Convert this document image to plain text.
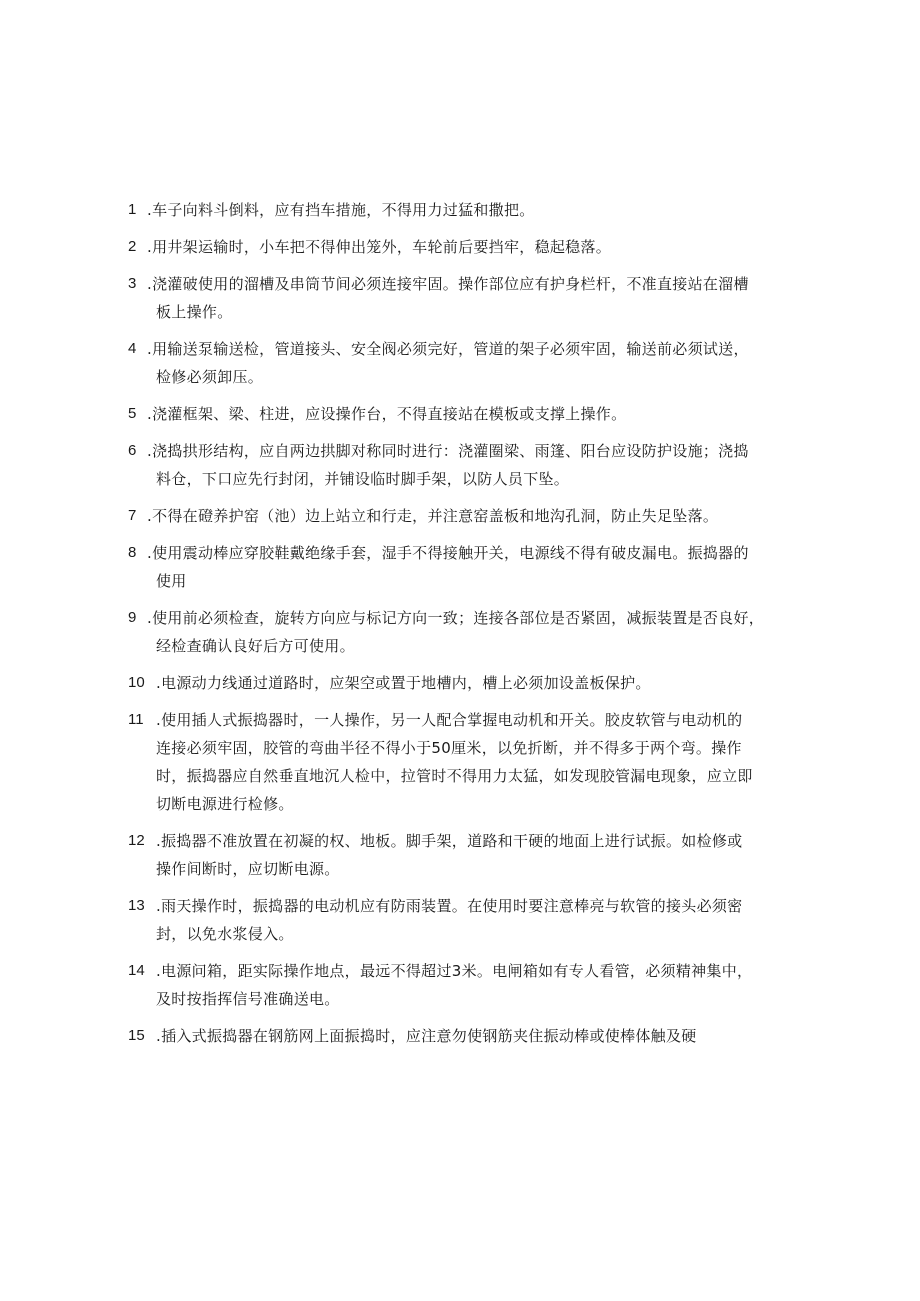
1 .车子向料斗倒料，应有挡车措施，不得用力过猛和撒把。
2 .用井架运输时，小车把不得伸出笼外，车轮前后要挡牢，稳起稳落。
3 .浇灌破使用的溜槽及串筒节间必须连接牢固。操作部位应有护身栏杆，不准直接站在溜槽
板上操作。
4 .用输送泵输送检，管道接头、安全阀必须完好，管道的架子必须牢固，输送前必须试送，
检修必须卸压。
5 .浇灌框架、梁、柱进，应设操作台，不得直接站在模板或支撑上操作。
6 .浇捣拱形结构，应自两边拱脚对称同时进行：浇灌圈梁、雨篷、阳台应设防护设施；浇捣
料仓，下口应先行封闭，并铺设临时脚手架，以防人员下坠。
7 .不得在磴养护窑（池）边上站立和行走，并注意窑盖板和地沟孔洞，防止失足坠落。
8 .使用震动棒应穿胶鞋戴绝缘手套，湿手不得接触开关，电源线不得有破皮漏电。振捣器的
使用
9 .使用前必须检查，旋转方向应与标记方向一致；连接各部位是否紧固，减振装置是否良好，
经检查确认良好后方可使用。
10 .电源动力线通过道路时，应架空或置于地槽内，槽上必须加设盖板保护。
11 .使用插人式振捣器时，一人操作，另一人配合掌握电动机和开关。胶皮软管与电动机的
连接必须牢固，胶管的弯曲半径不得小于50厘米，以免折断，并不得多于两个弯。操作
时，振捣器应自然垂直地沉人检中，拉管时不得用力太猛，如发现胶管漏电现象，应立即
切断电源进行检修。
12 .振捣器不准放置在初凝的权、地板。脚手架，道路和干硬的地面上进行试振。如检修或
操作间断时，应切断电源。
13 .雨天操作时，振捣器的电动机应有防雨装置。在使用时要注意棒亮与软管的接头必须密
封，以免水浆侵入。
14 .电源问箱，距实际操作地点，最远不得超过3米。电闸箱如有专人看管，必须精神集中，
及时按指挥信号准确送电。
15 .插入式振捣器在钢筋网上面振捣时，应注意勿使钢筋夹住振动棒或使棒体触及硬
